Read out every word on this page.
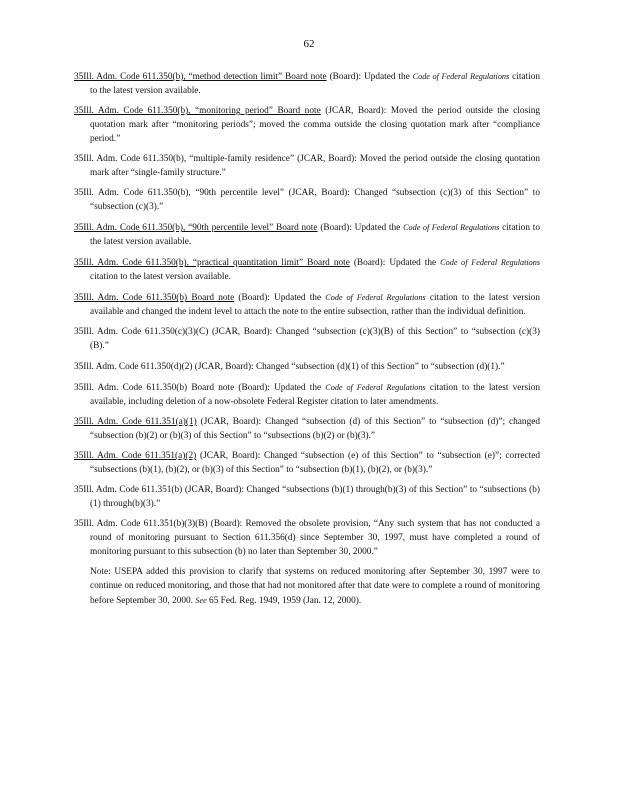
62

35Ill. Adm. Code 611.350(b), “method detection limit” Board note (Board): Updated the Code of Federal Regulations citation to the latest version available.

35Ill. Adm. Code 611.350(b), “monitoring period” Board note (JCAR, Board): Moved the period outside the closing quotation mark after “monitoring periods”; moved the comma outside the closing quotation mark after “compliance period.”

35Ill. Adm. Code 611.350(b), “multiple-family residence” (JCAR, Board): Moved the period outside the closing quotation mark after “single-family structure.”

35Ill. Adm. Code 611.350(b), “90th percentile level” (JCAR, Board): Changed “subsection (c)(3) of this Section” to “subsection (c)(3).”

35Ill. Adm. Code 611.350(b), “90th percentile level” Board note (Board): Updated the Code of Federal Regulations citation to the latest version available.

35Ill. Adm. Code 611.350(b), “practical quantitation limit” Board note (Board): Updated the Code of Federal Regulations citation to the latest version available.

35Ill. Adm. Code 611.350(b) Board note (Board): Updated the Code of Federal Regulations citation to the latest version available and changed the indent level to attach the note to the entire subsection, rather than the individual definition.

35Ill. Adm. Code 611.350(c)(3)(C) (JCAR, Board): Changed “subsection (c)(3)(B) of this Section” to “subsection (c)(3)(B).”

35Ill. Adm. Code 611.350(d)(2) (JCAR, Board): Changed “subsection (d)(1) of this Section” to “subsection (d)(1).”

35Ill. Adm. Code 611.350(b) Board note (Board): Updated the Code of Federal Regulations citation to the latest version available, including deletion of a now-obsolete Federal Register citation to later amendments.

35Ill. Adm. Code 611.351(a)(1) (JCAR, Board): Changed “subsection (d) of this Section” to “subsection (d)”; changed “subsection (b)(2) or (b)(3) of this Section” to “subsections (b)(2) or (b)(3).”

35Ill. Adm. Code 611.351(a)(2) (JCAR, Board): Changed “subsection (e) of this Section” to “subsection (e)”; corrected “subsections (b)(1), (b)(2), or (b)(3) of this Section” to “subsection (b)(1), (b)(2), or (b)(3).”

35Ill. Adm. Code 611.351(b) (JCAR, Board): Changed “subsections (b)(1) through(b)(3) of this Section” to “subsections (b)(1) through(b)(3).”

35Ill. Adm. Code 611.351(b)(3)(B) (Board): Removed the obsolete provision, “Any such system that has not conducted a round of monitoring pursuant to Section 611.356(d) since September 30, 1997, must have completed a round of monitoring pursuant to this subsection (b) no later than September 30, 2000.”

Note: USEPA added this provision to clarify that systems on reduced monitoring after September 30, 1997 were to continue on reduced monitoring, and those that had not monitored after that date were to complete a round of monitoring before September 30, 2000. See 65 Fed. Reg. 1949, 1959 (Jan. 12, 2000).
